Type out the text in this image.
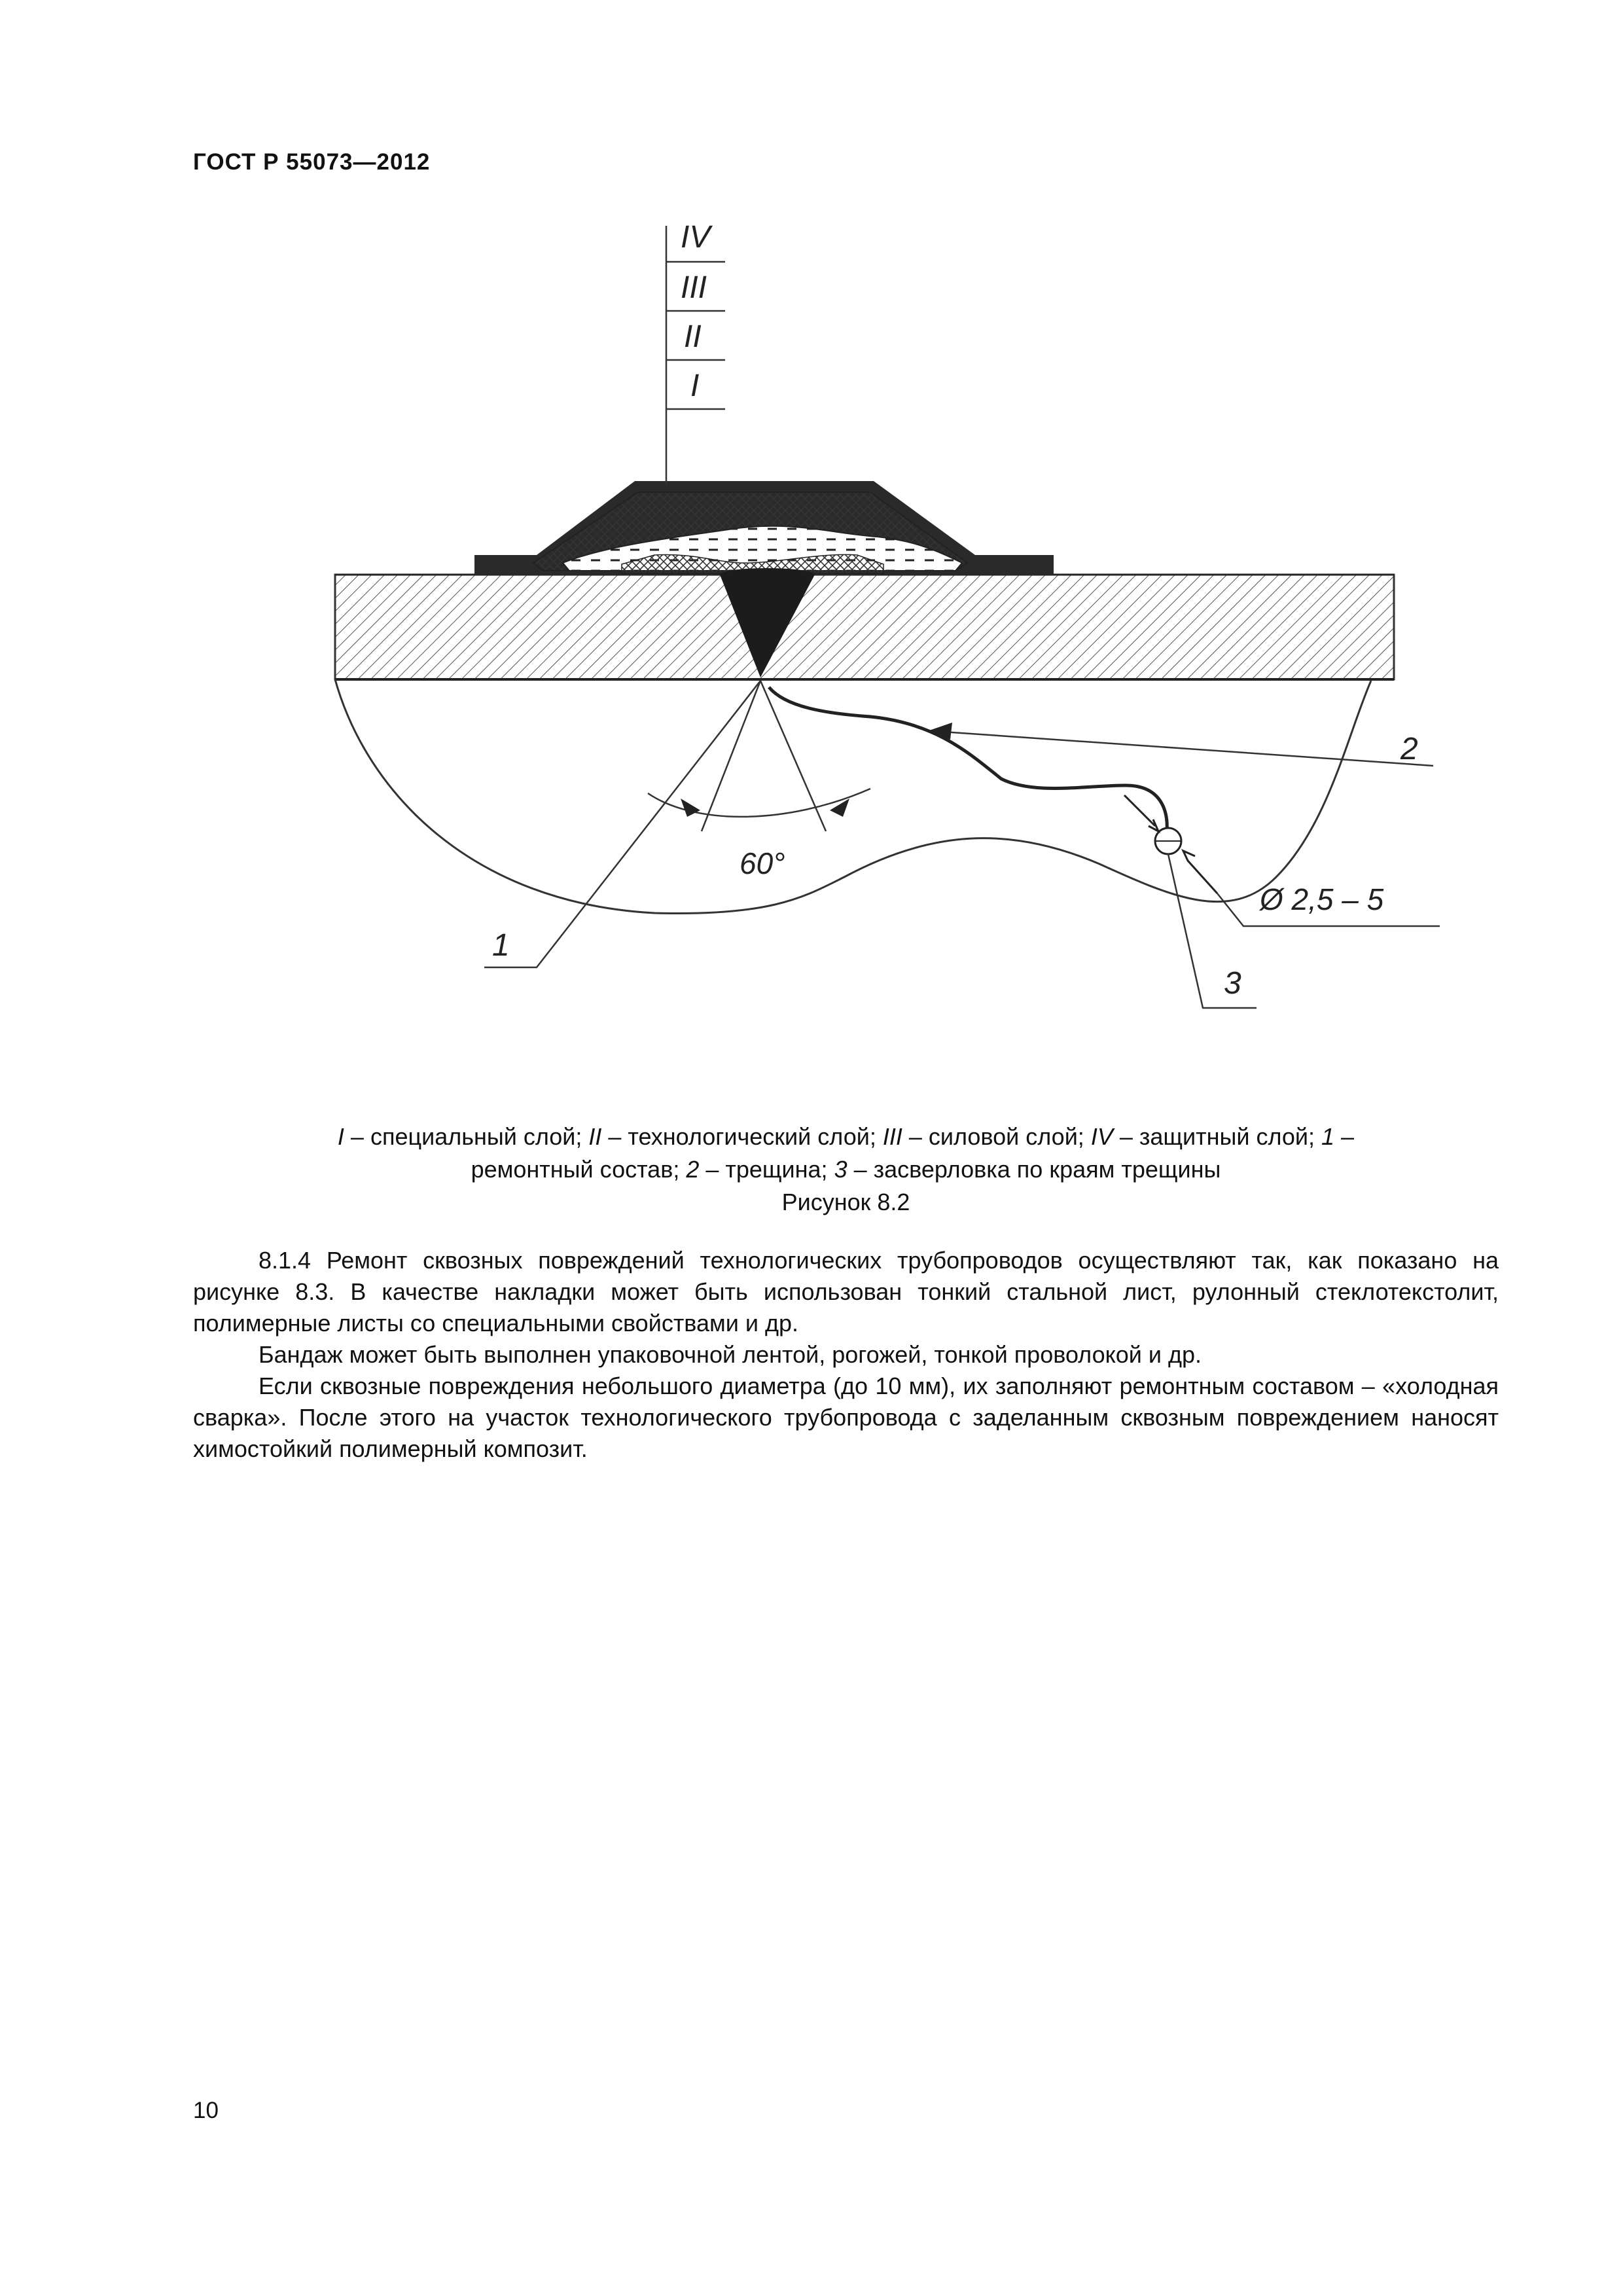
ГОСТ Р 55073—2012
60°
IV
III
II
I
1
2
3
Ø 2,5 – 5
I – специальный слой; II – технологический слой; III – силовой слой; IV – защитный слой; 1 –
ремонтный состав; 2 – трещина; 3 – засверловка по краям трещины
Рисунок 8.2

8.1.4 Ремонт сквозных повреждений технологических трубопроводов осуществляют так, как показано на рисунке 8.3. В качестве накладки может быть использован тонкий стальной лист, рулонный стеклотекстолит, полимерные листы со специальными свойствами и др.

Бандаж может быть выполнен упаковочной лентой, рогожей, тонкой проволокой и др.

Если сквозные повреждения небольшого диаметра (до 10 мм), их заполняют ремонтным составом – «холодная сварка». После этого на участок технологического трубопровода с заделанным сквозным повреждением наносят химостойкий полимерный композит.

10
